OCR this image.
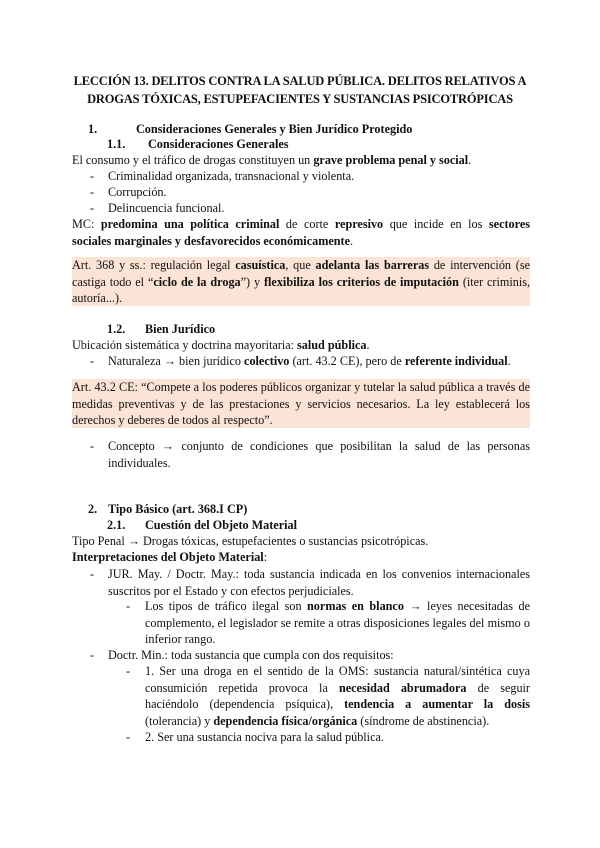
LECCIÓN 13. DELITOS CONTRA LA SALUD PÚBLICA. DELITOS RELATIVOS A
DROGAS TÓXICAS, ESTUPEFACIENTES Y SUSTANCIAS PSICOTRÓPICAS
1.	Consideraciones Generales y Bien Jurídico Protegido
1.1. Consideraciones Generales
El consumo y el tráfico de drogas constituyen un grave problema penal y social.
- Criminalidad organizada, transnacional y violenta.
- Corrupción.
- Delincuencia funcional.
MC: predomina una política criminal de corte represivo que incide en los sectores sociales marginales y desfavorecidos económicamente.
Art. 368 y ss.: regulación legal casuística, que adelanta las barreras de intervención (se castiga todo el “ciclo de la droga”) y flexibiliza los criterios de imputación (iter criminis, autoría...).
1.2. Bien Jurídico
Ubicación sistemática y doctrina mayoritaria: salud pública.
- Naturaleza → bien jurídico colectivo (art. 43.2 CE), pero de referente individual.
Art. 43.2 CE: “Compete a los poderes públicos organizar y tutelar la salud pública a través de medidas preventivas y de las prestaciones y servicios necesarios. La ley establecerá los derechos y deberes de todos al respecto”.
- Concepto → conjunto de condiciones que posibilitan la salud de las personas individuales.
2. Tipo Básico (art. 368.I CP)
2.1. Cuestión del Objeto Material
Tipo Penal → Drogas tóxicas, estupefacientes o sustancias psicotrópicas.
Interpretaciones del Objeto Material:
- JUR. May. / Doctr. May.: toda sustancia indicada en los convenios internacionales suscritos por el Estado y con efectos perjudiciales.
- Los tipos de tráfico ilegal son normas en blanco → leyes necesitadas de complemento, el legislador se remite a otras disposiciones legales del mismo o inferior rango.
- Doctr. Min.: toda sustancia que cumpla con dos requisitos:
- 1. Ser una droga en el sentido de la OMS: sustancia natural/sintética cuya consumición repetida provoca la necesidad abrumadora de seguir haciéndolo (dependencia psíquica), tendencia a aumentar la dosis (tolerancia) y dependencia física/orgánica (síndrome de abstinencia).
- 2. Ser una sustancia nociva para la salud pública.
